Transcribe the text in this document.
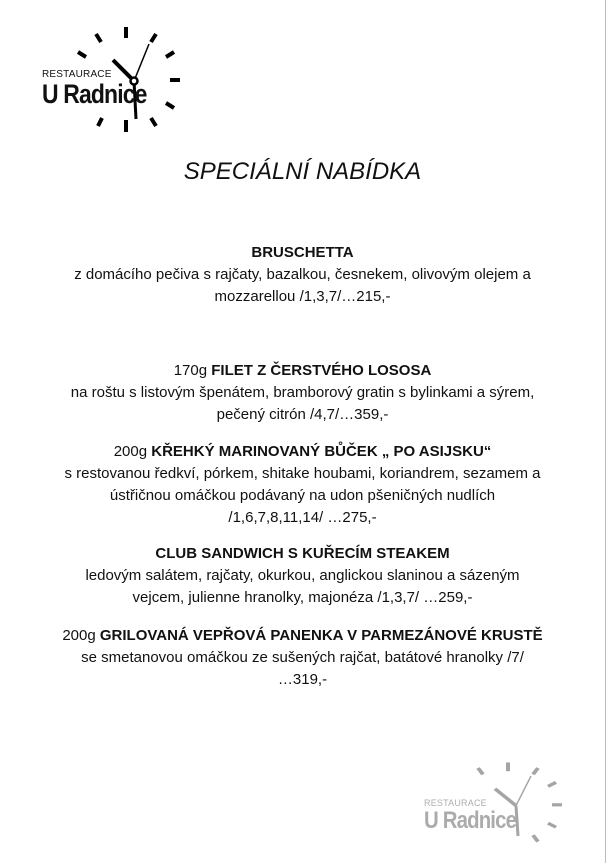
RESTAURACE
U Radnice
SPECIÁLNÍ NABÍDKA
BRUSCHETTA
z domácího pečiva s rajčaty, bazalkou, česnekem, olivovým olejem a
mozzarellou /1,3,7/…215,-
170g FILET Z ČERSTVÉHO LOSOSA
na roštu s listovým špenátem, bramborový gratin s bylinkami a sýrem,
pečený citrón /4,7/…359,-
200g KŘEHKÝ MARINOVANÝ BŮČEK „ PO ASIJSKU“
s restovanou ředkví, pórkem, shitake houbami, koriandrem, sezamem a
ústřičnou omáčkou podávaný na udon pšeničných nudlích
/1,6,7,8,11,14/ …275,-
CLUB SANDWICH S KUŘECÍM STEAKEM
ledovým salátem, rajčaty, okurkou, anglickou slaninou a sázeným
vejcem, julienne hranolky, majonéza /1,3,7/ …259,-
200g GRILOVANÁ VEPŘOVÁ PANENKA V PARMEZÁNOVÉ KRUSTĚ
se smetanovou omáčkou ze sušených rajčat, batátové hranolky /7/
…319,-
RESTAURACE
U Radnice
